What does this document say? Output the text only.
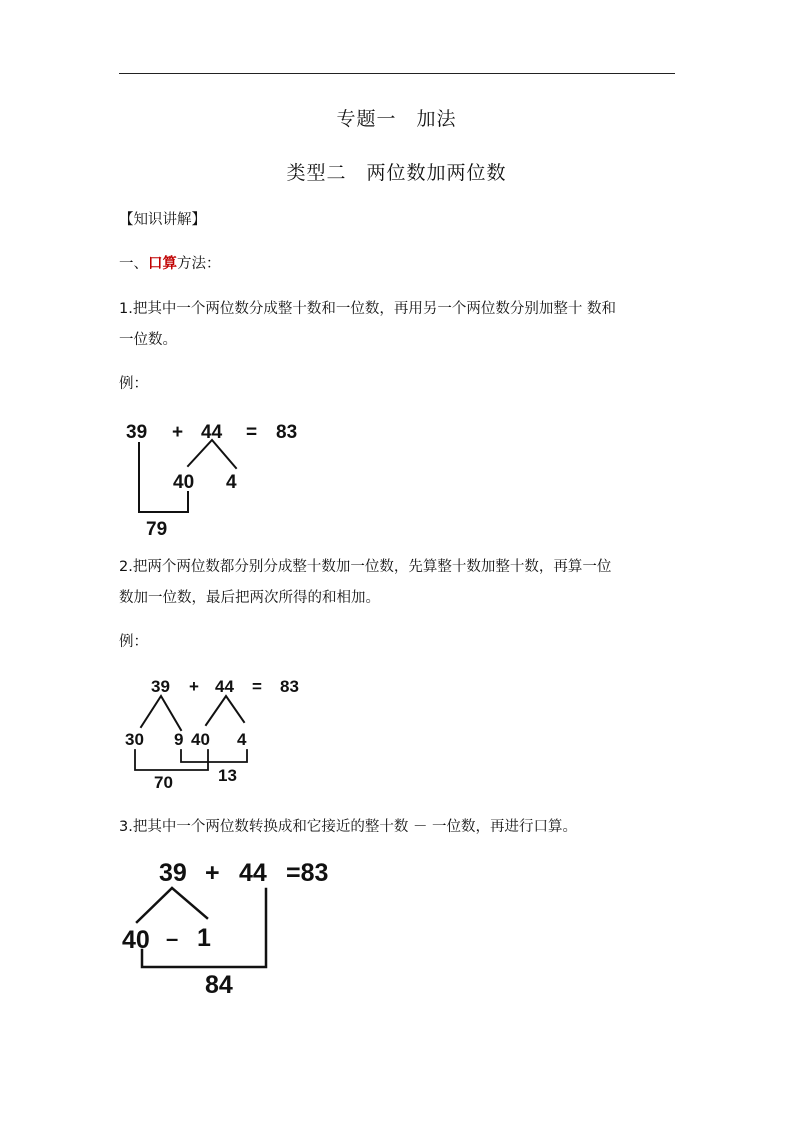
专题一　加法
类型二　两位数加两位数
【知识讲解】
一、口算方法：
1.把其中一个两位数分成整十数和一位数，再用另一个两位数分别加整十 数和
一位数。
例：
39 + 44 = 83
40 4
79
2.把两个两位数都分别分成整十数加一位数，先算整十数加整十数，再算一位
数加一位数，最后把两次所得的和相加。
例：
39 + 44 = 83
30 9 40 4
70	13
3.把其中一个两位数转换成和它接近的整十数 － 一位数，再进行口算。
39 + 44 =83
40 – 1
84
